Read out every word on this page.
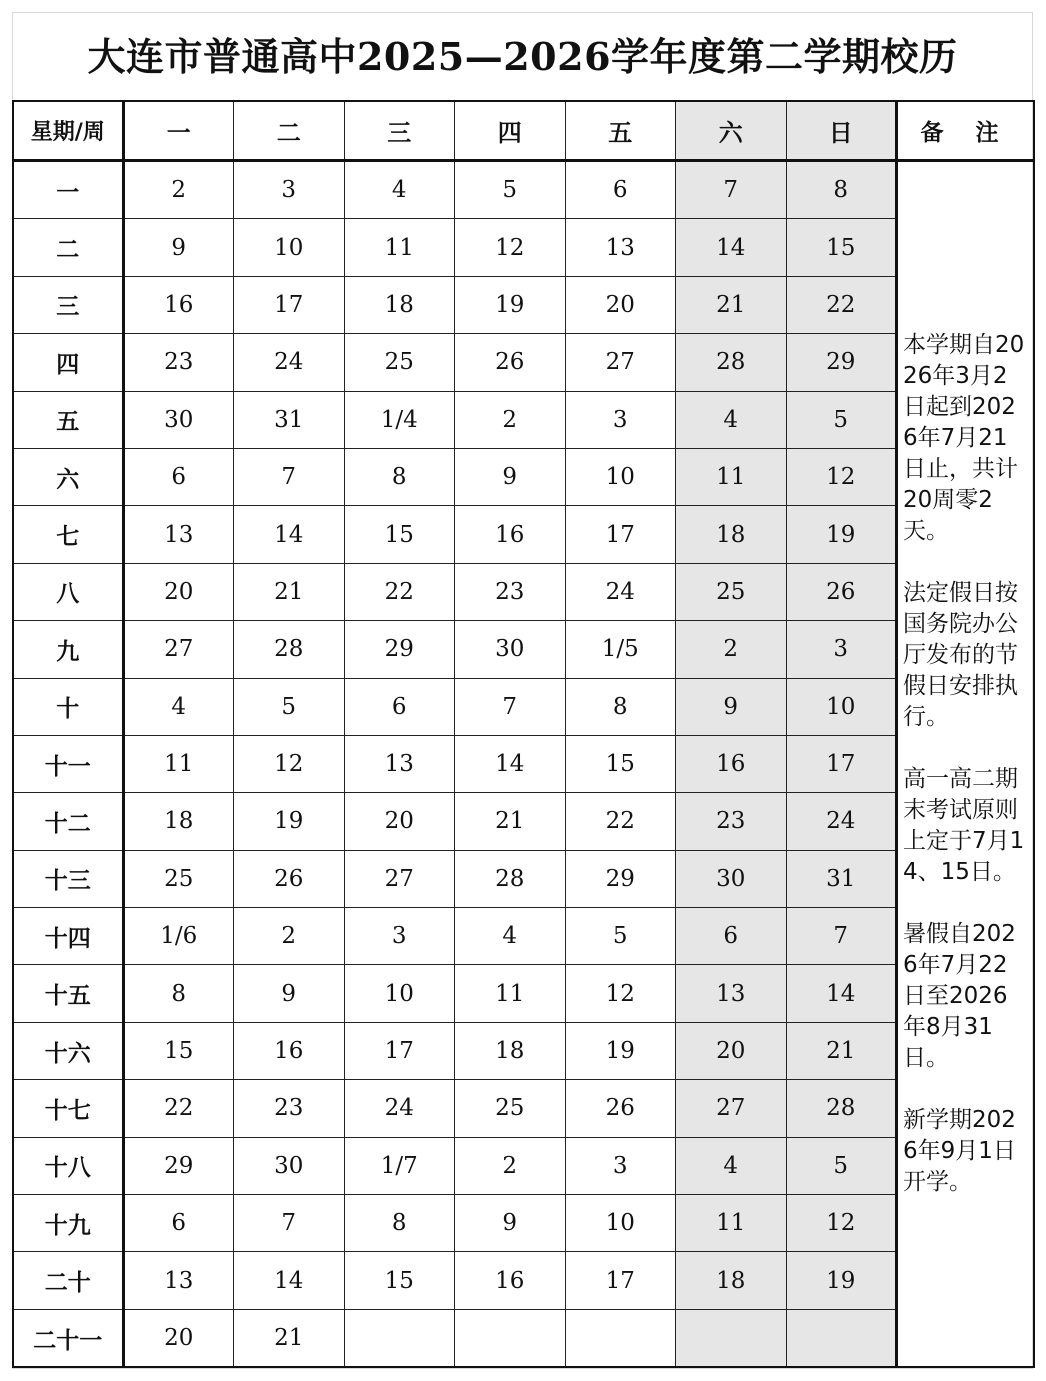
大连市普通高中2025—2026学年度第二学期校历
星期/周	一	二	三	四	五	六	日	备 注
一	2	3	4	5	6	7	8	本学期自2026年3月2日起到2026年7月21日止，共计20周零2天。
法定假日按国务院办公厅发布的节假日安排执行。
高一高二期末考试原则上定于7月14、15日。
暑假自2026年7月22日至2026年8月31日。
新学期2026年9月1日开学。

二	9	10	11	12	13	14	15	
三	16	17	18	19	20	21	22	
四	23	24	25	26	27	28	29	
五	30	31	1/4	2	3	4	5	
六	6	7	8	9	10	11	12	
七	13	14	15	16	17	18	19	
八	20	21	22	23	24	25	26	
九	27	28	29	30	1/5	2	3	
十	4	5	6	7	8	9	10	
十一	11	12	13	14	15	16	17	
十二	18	19	20	21	22	23	24	
十三	25	26	27	28	29	30	31	
十四	1/6	2	3	4	5	6	7	
十五	8	9	10	11	12	13	14	
十六	15	16	17	18	19	20	21	
十七	22	23	24	25	26	27	28	
十八	29	30	1/7	2	3	4	5	
十九	6	7	8	9	10	11	12	
二十	13	14	15	16	17	18	19	
二十一	20	21						
